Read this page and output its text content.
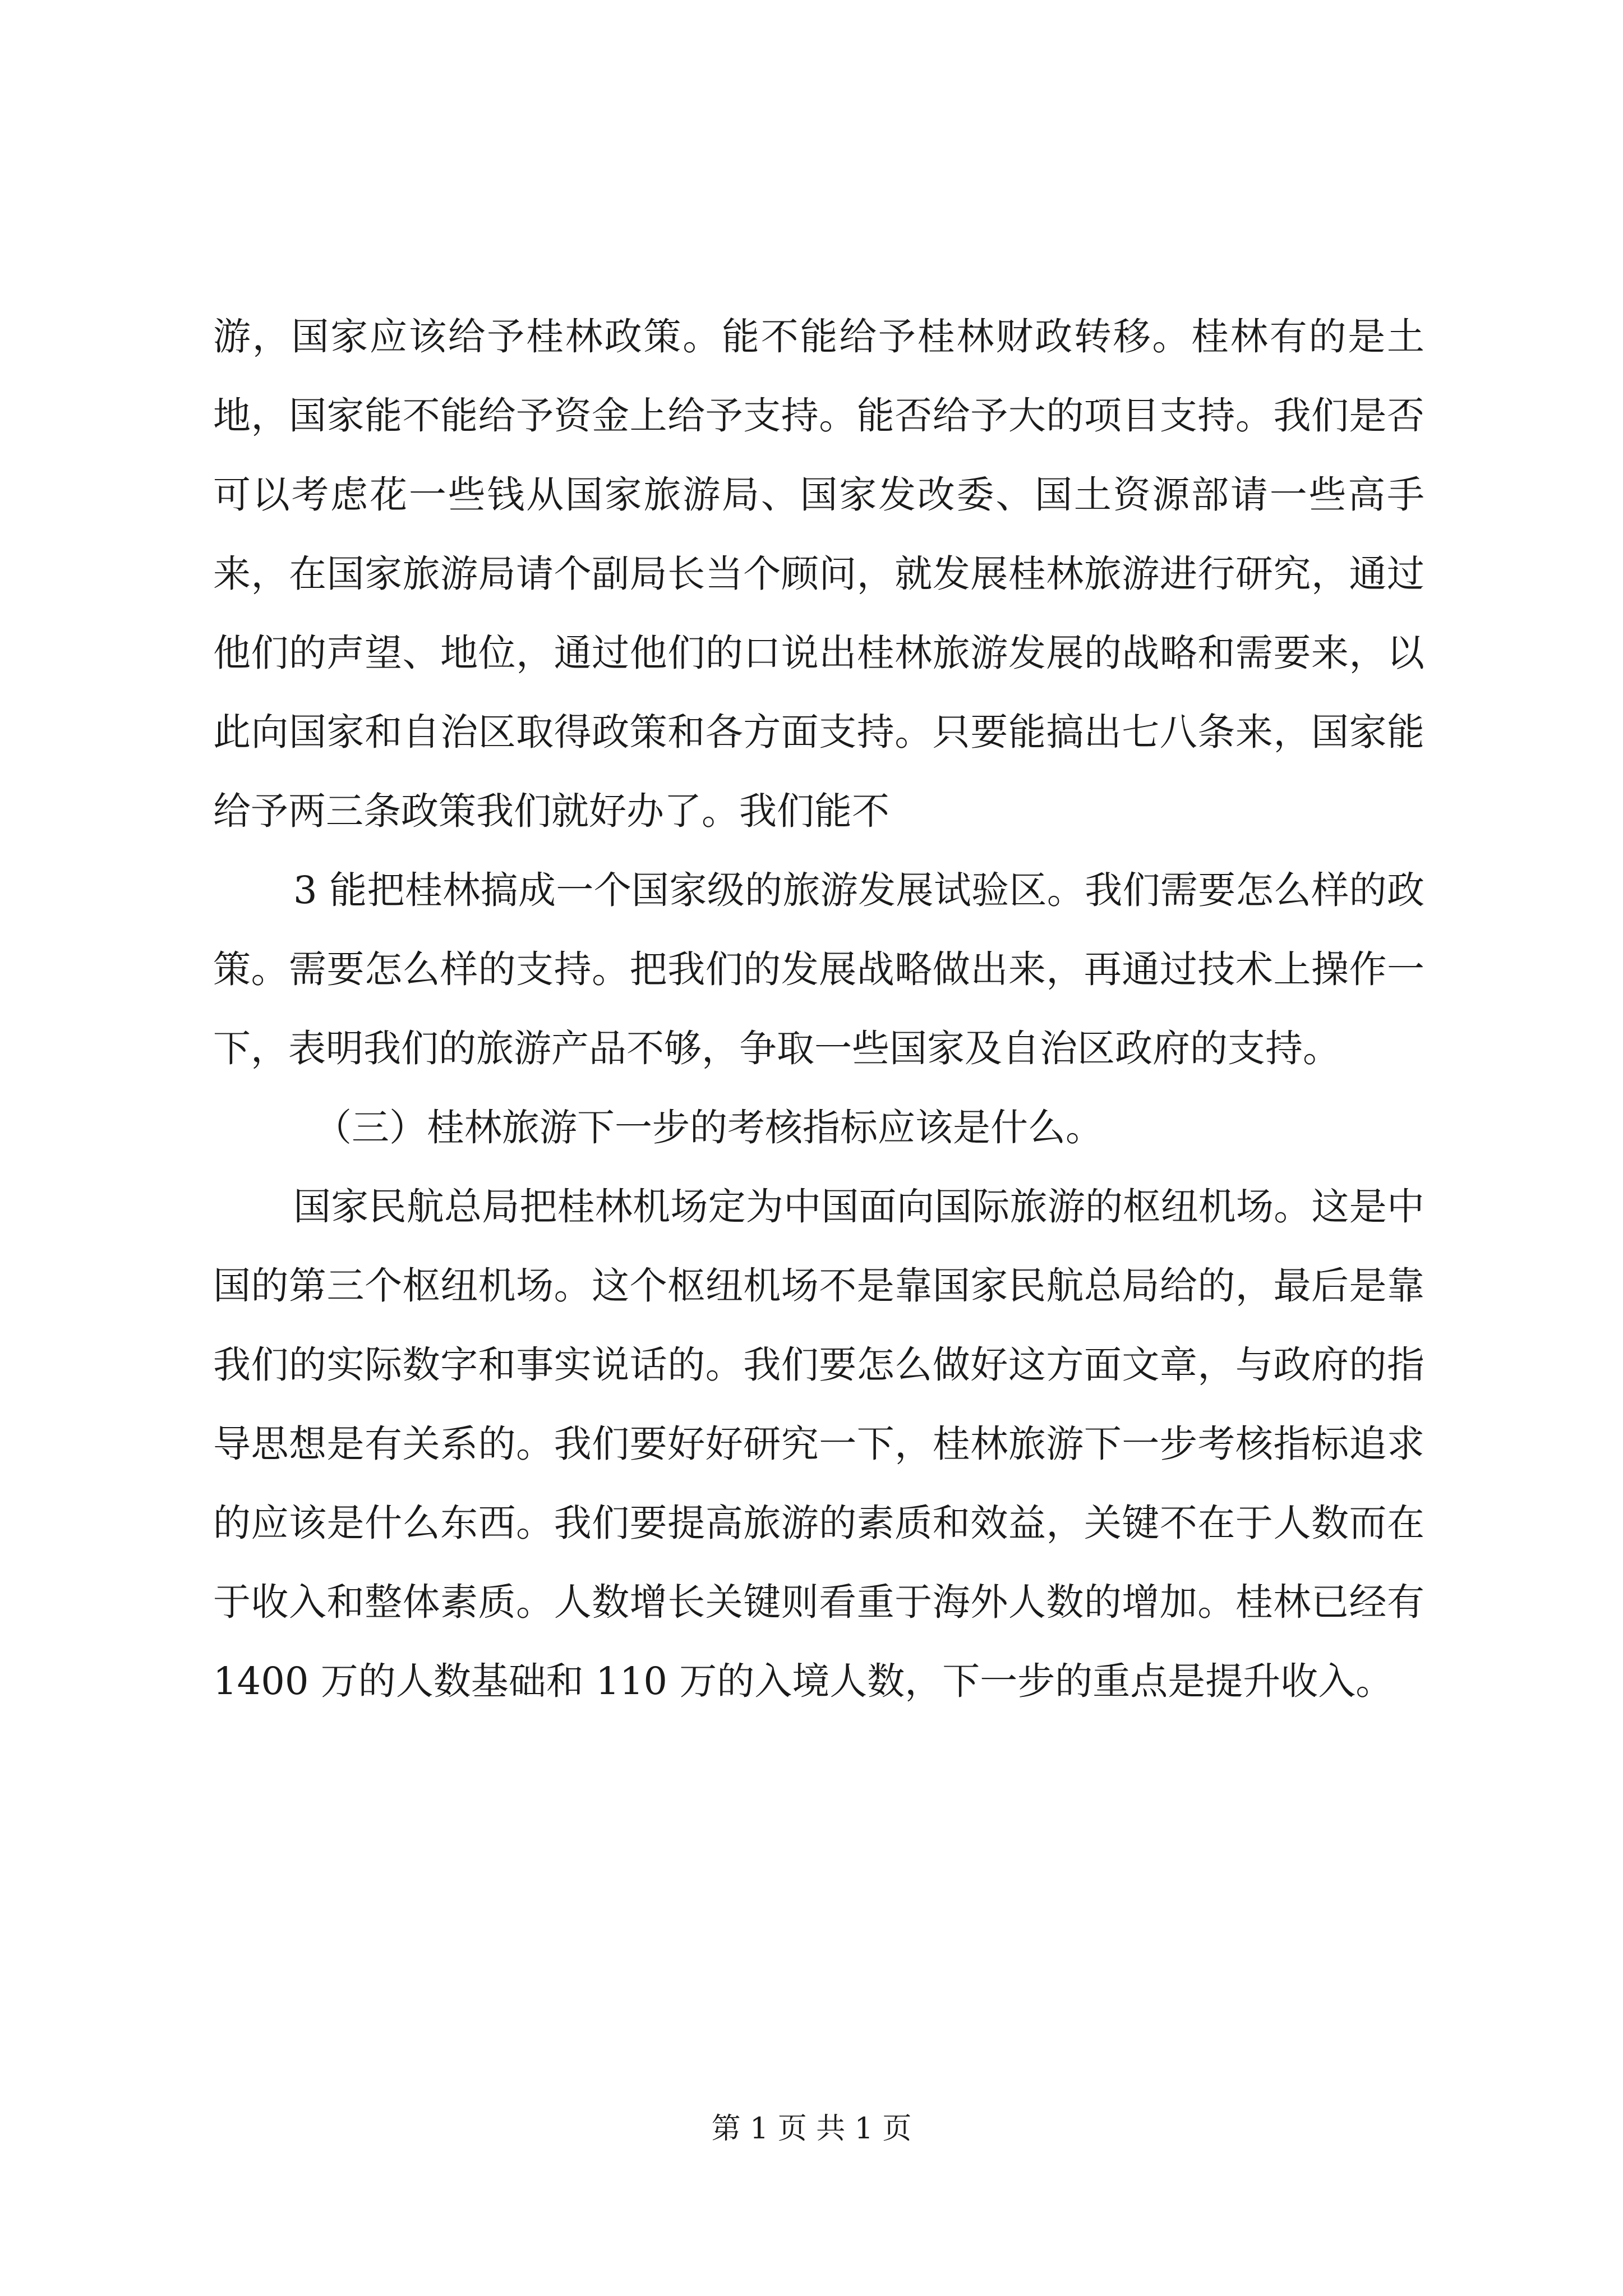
游，国家应该给予桂林政策。能不能给予桂林财政转移。桂林有的是土地，国家能不能给予资金上给予支持。能否给予大的项目支持。我们是否可以考虑花一些钱从国家旅游局、国家发改委、国土资源部请一些高手来，在国家旅游局请个副局长当个顾问，就发展桂林旅游进行研究，通过他们的声望、地位，通过他们的口说出桂林旅游发展的战略和需要来，以此向国家和自治区取得政策和各方面支持。只要能搞出七八条来，国家能给予两三条政策我们就好办了。我们能不

3 能把桂林搞成一个国家级的旅游发展试验区。我们需要怎么样的政策。需要怎么样的支持。把我们的发展战略做出来，再通过技术上操作一下，表明我们的旅游产品不够，争取一些国家及自治区政府的支持。

（三）桂林旅游下一步的考核指标应该是什么。

国家民航总局把桂林机场定为中国面向国际旅游的枢纽机场。这是中国的第三个枢纽机场。这个枢纽机场不是靠国家民航总局给的，最后是靠我们的实际数字和事实说话的。我们要怎么做好这方面文章，与政府的指导思想是有关系的。我们要好好研究一下，桂林旅游下一步考核指标追求的应该是什么东西。我们要提高旅游的素质和效益，关键不在于人数而在于收入和整体素质。人数增长关键则看重于海外人数的增加。桂林已经有 1400 万的人数基础和 110 万的入境人数，下一步的重点是提升收入。

第 1 页 共 1 页
